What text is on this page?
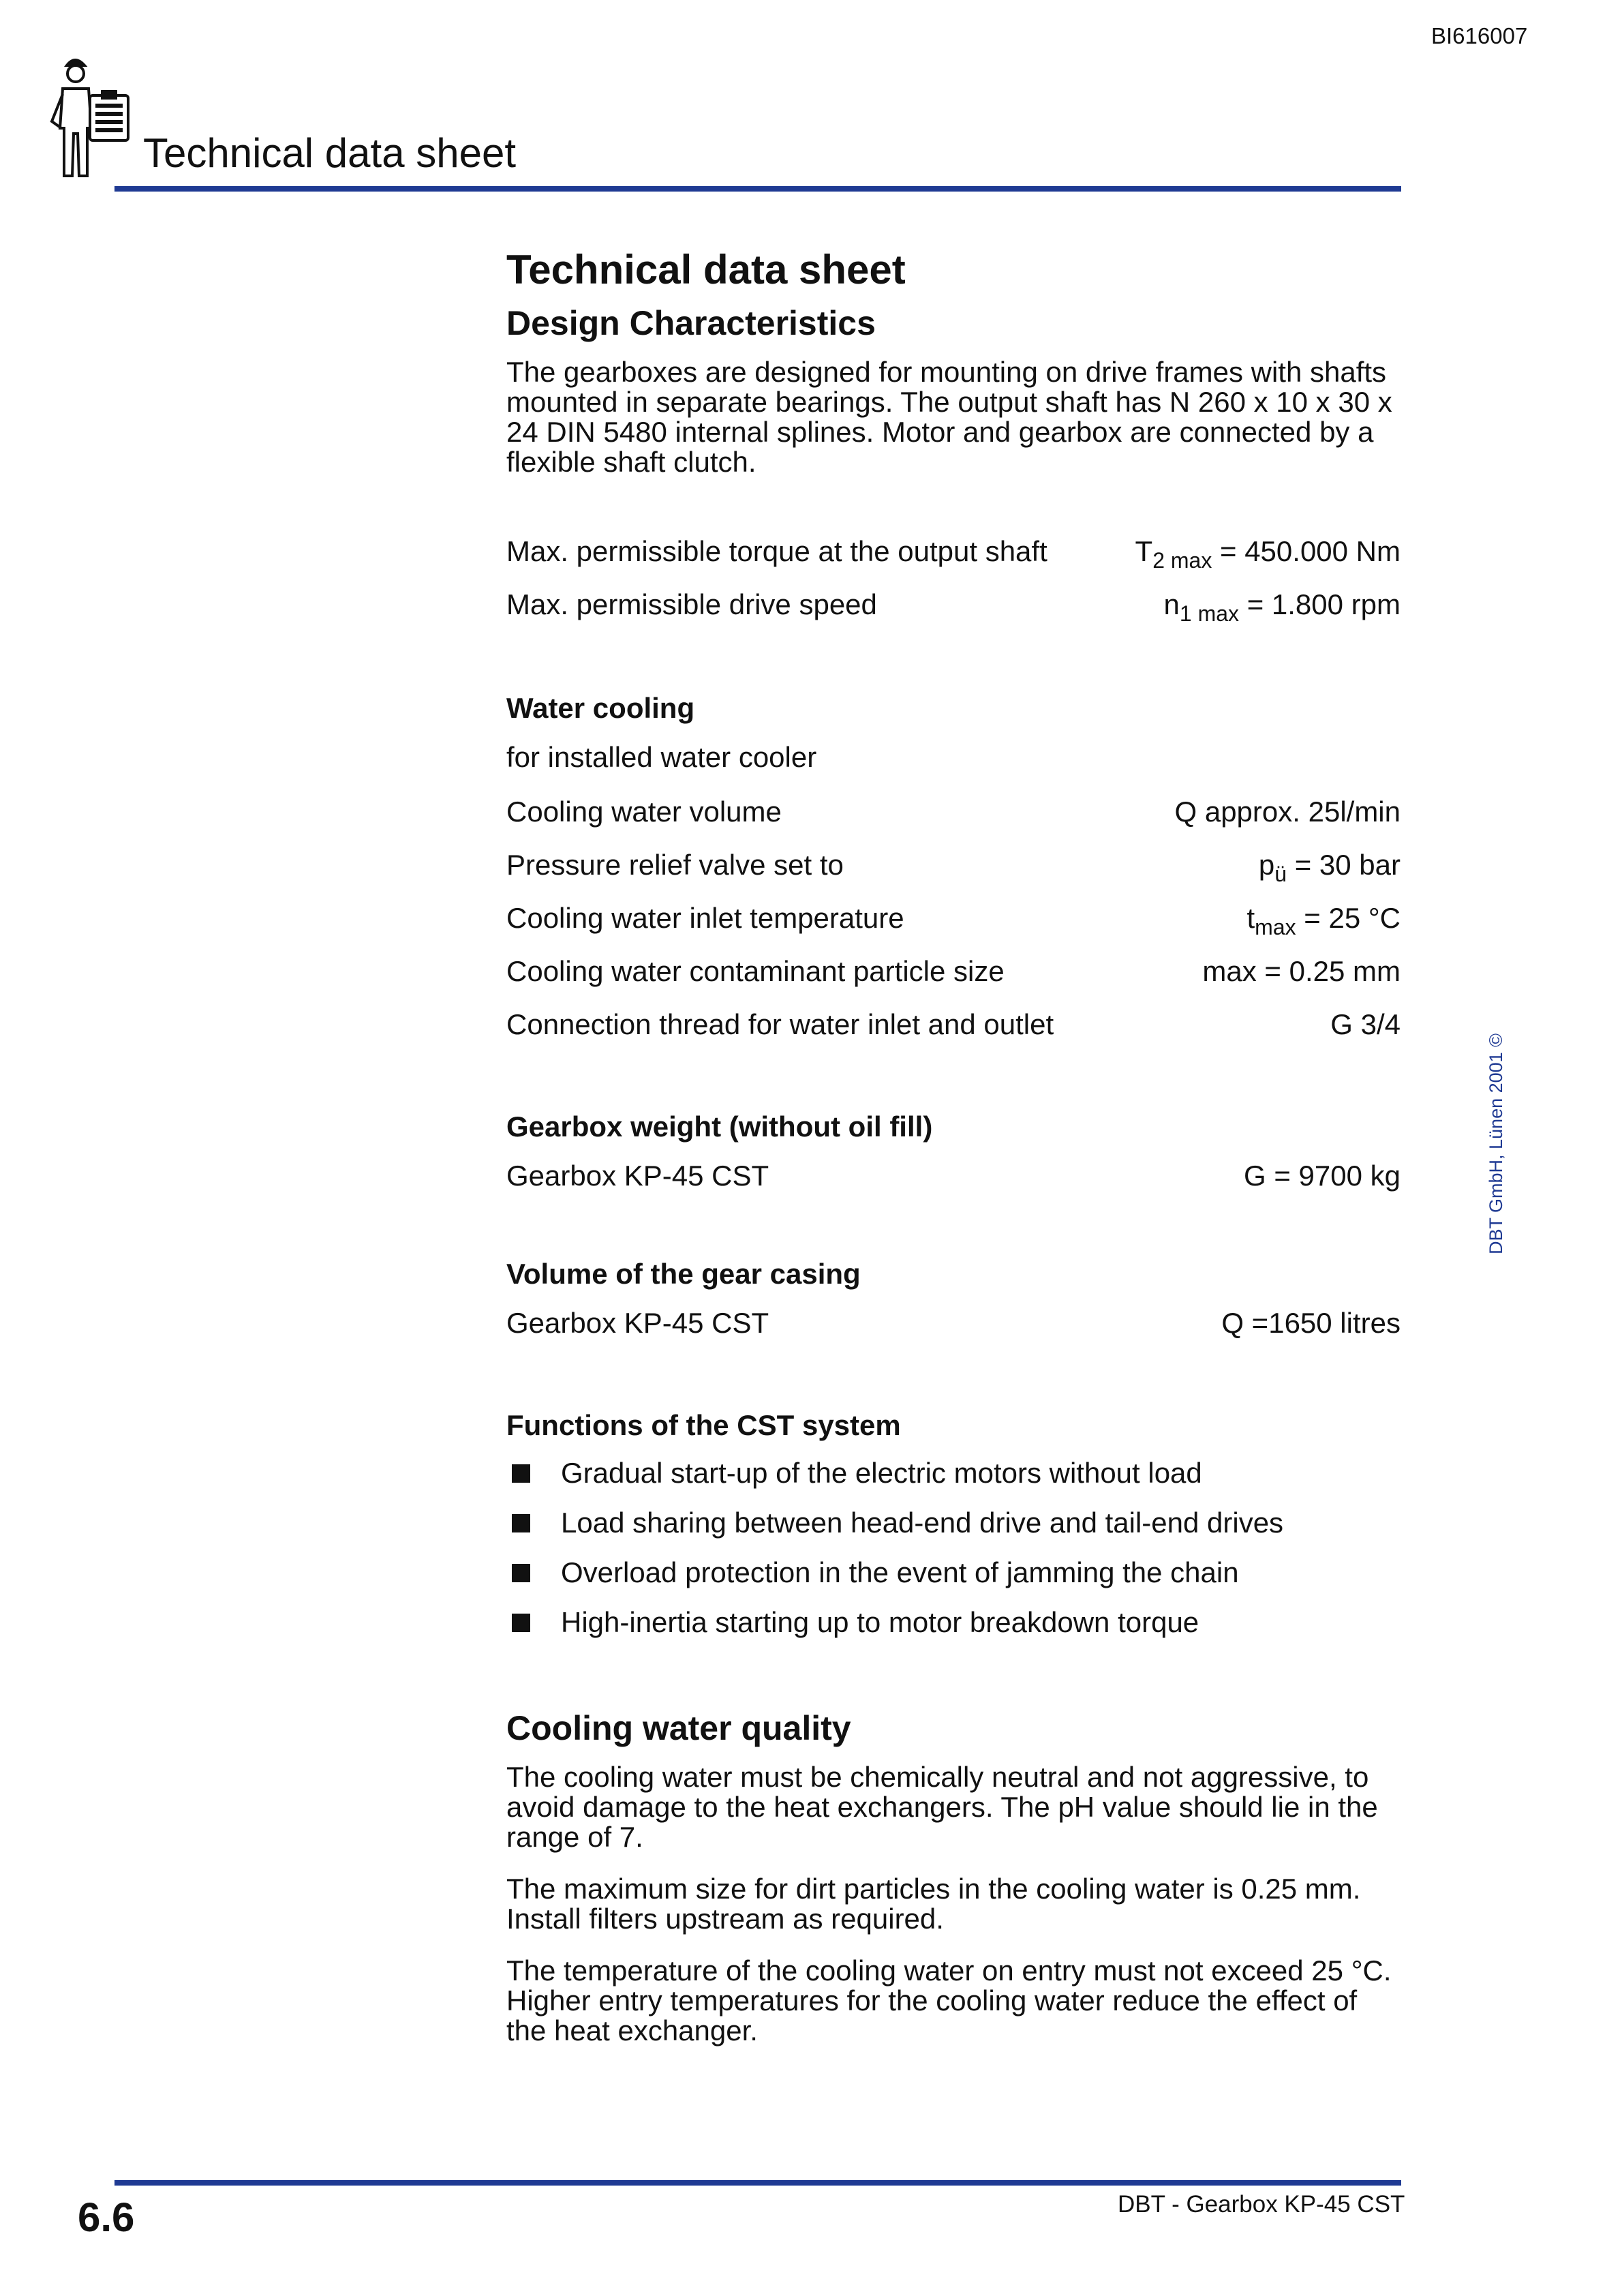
BI616007
Technical data sheet
Technical data sheet
Design Characteristics

The gearboxes are designed for mounting on drive frames with shafts mounted in separate bearings. The output shaft has N 260 x 10 x 30 x 24 DIN 5480 internal splines. Motor and gearbox are connected by a flexible shaft clutch.

Max. permissible torque at the output shaft	$T_{2 max} = 450.000$ Nm
Max. permissible drive speed	$n_{1 max} = 1.800$ rpm
Water cooling
for installed water cooler
Cooling water volume	Q approx. 25l/min
Pressure relief valve set to	$p_ü = 30$ bar
Cooling water inlet temperature	$t_{max} = 25$ °C
Cooling water contaminant particle size	max = 0.25 mm
Connection thread for water inlet and outlet	G 3/4
Gearbox weight (without oil fill)
Gearbox KP-45 CST	G = 9700 kg
Volume of the gear casing
Gearbox KP-45 CST	Q =1650 litres
Functions of the CST system
Gradual start-up of the electric motors without load
Load sharing between head-end drive and tail-end drives
Overload protection in the event of jamming the chain
High-inertia starting up to motor breakdown torque
Cooling water quality

The cooling water must be chemically neutral and not aggressive, to avoid damage to the heat exchangers. The pH value should lie in the range of 7.

The maximum size for dirt particles in the cooling water is 0.25 mm. Install filters upstream as required.

The temperature of the cooling water on entry must not exceed 25 °C. Higher entry temperatures for the cooling water reduce the effect of the heat exchanger.

DBT GmbH, Lünen 2001 ©
6.6	DBT - Gearbox KP-45 CST
